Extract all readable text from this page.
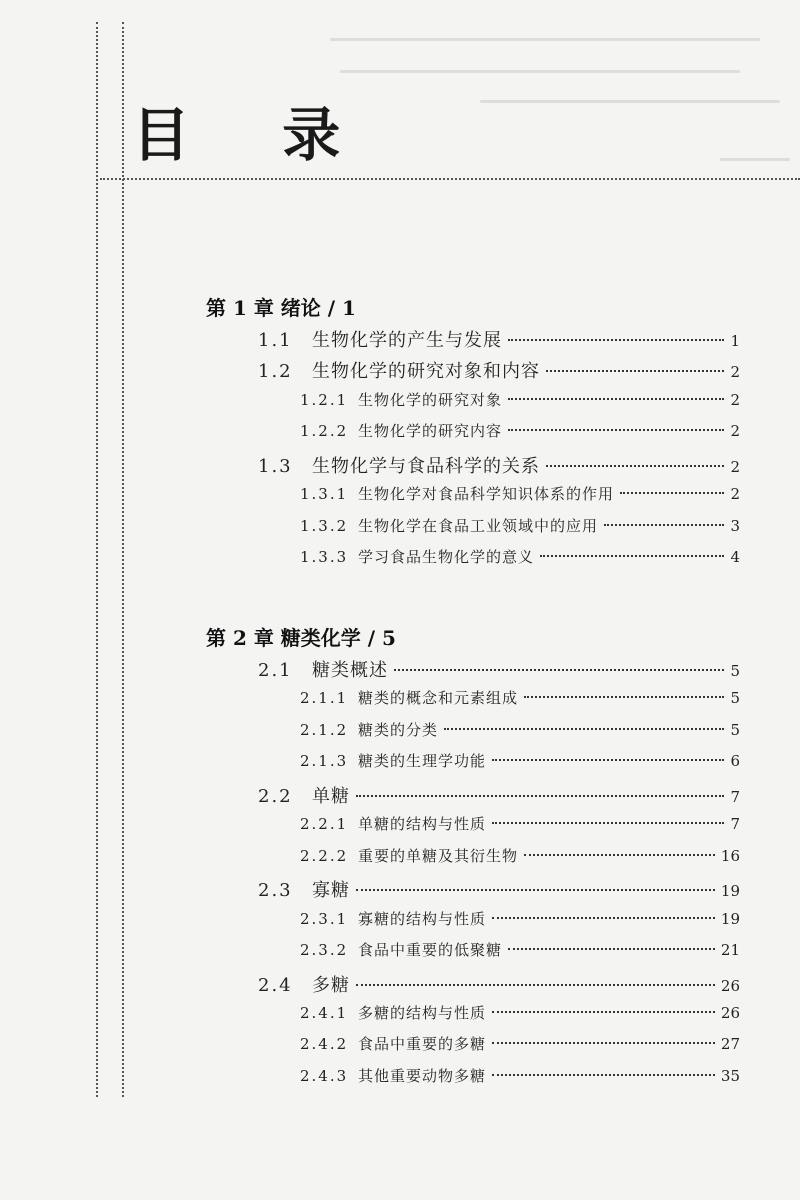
目 录
第 1 章 绪论 / 1
第 2 章 糖类化学 / 5
1.1	生物化学的产生与发展	1
1.2	生物化学的研究对象和内容	2
1.2.1 生物化学的研究对象	2
1.2.2 生物化学的研究内容	2
1.3	生物化学与食品科学的关系	2
1.3.1 生物化学对食品科学知识体系的作用	2
1.3.2 生物化学在食品工业领域中的应用	3
1.3.3 学习食品生物化学的意义	4
2.1	糖类概述	5
2.1.1 糖类的概念和元素组成	5
2.1.2 糖类的分类	5
2.1.3 糖类的生理学功能	6
2.2	单糖	7
2.2.1 单糖的结构与性质	7
2.2.2 重要的单糖及其衍生物	16
2.3	寡糖	19
2.3.1 寡糖的结构与性质	19
2.3.2 食品中重要的低聚糖	21
2.4	多糖	26
2.4.1 多糖的结构与性质	26
2.4.2 食品中重要的多糖	27
2.4.3 其他重要动物多糖	35
